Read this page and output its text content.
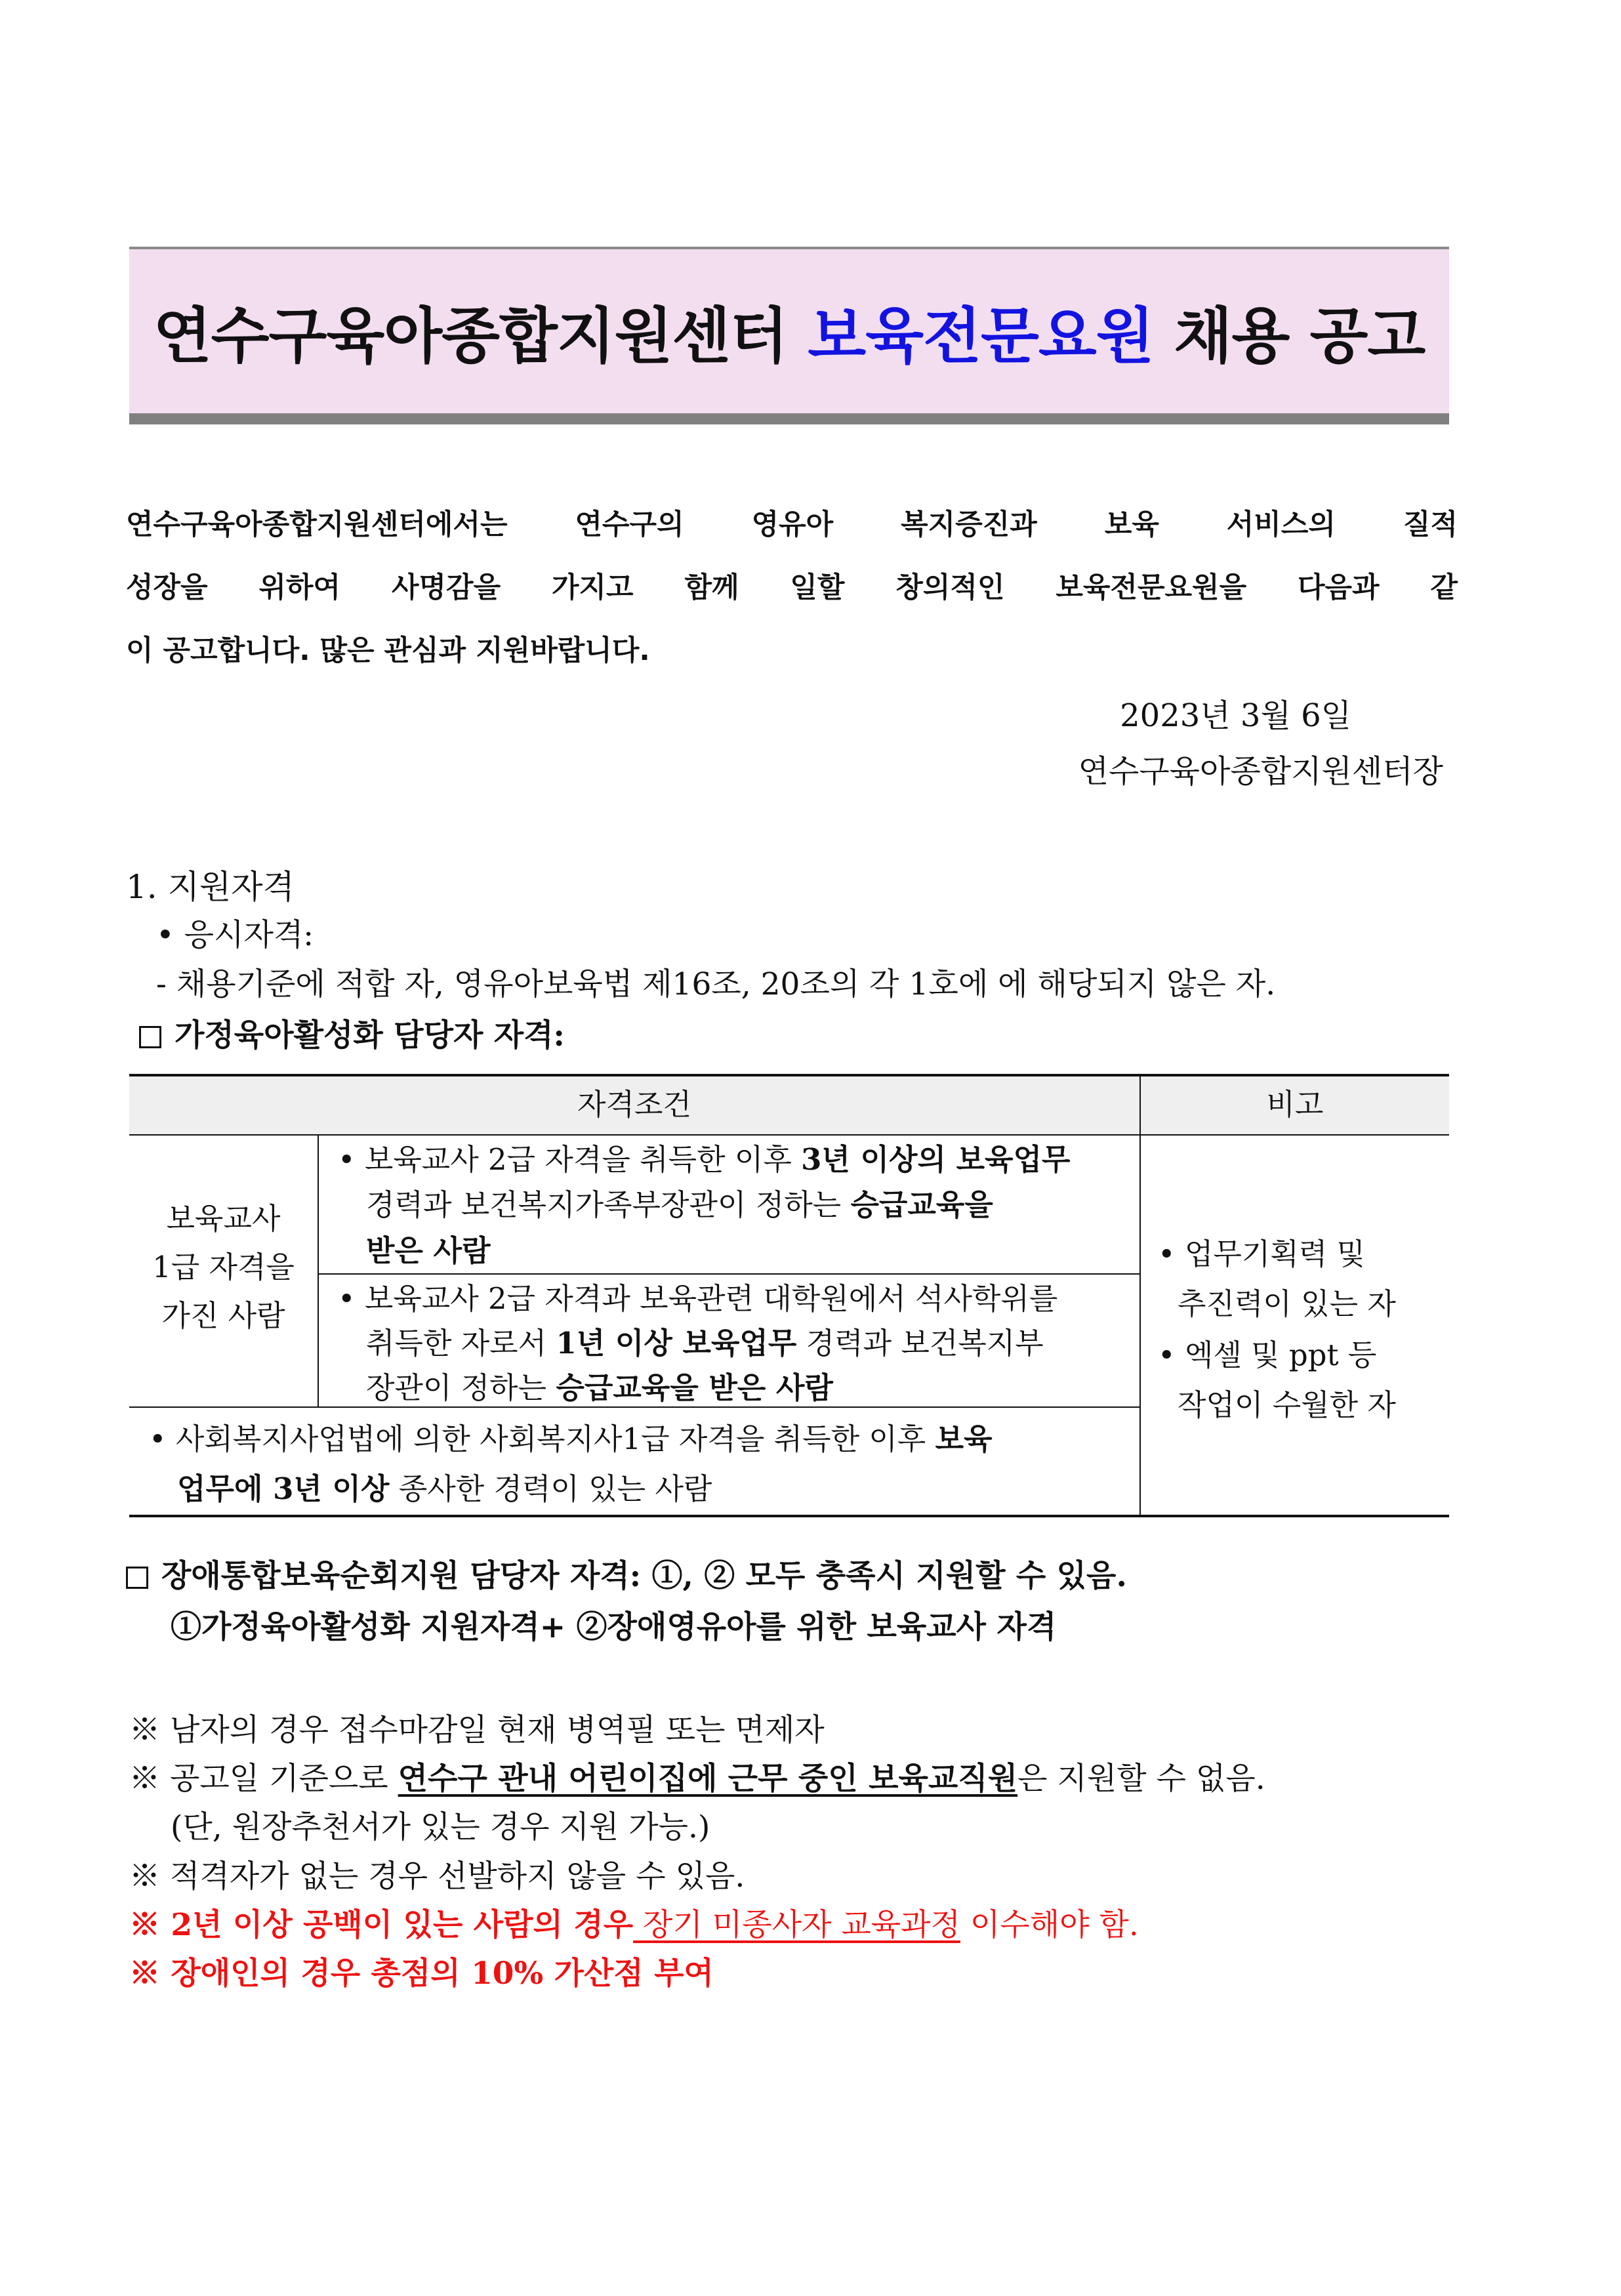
연수구육아종합지원센터
보육전문요원
채용 공고
연수구육아종합지원센터에서는 연수구의 영유아 복지증진과 보육 서비스의 질적
성장을 위하여 사명감을 가지고 함께 일할 창의적인 보육전문요원을 다음과 같
이 공고합니다. 많은 관심과 지원바랍니다.
2023년 3월 6일
연수구육아종합지원센터장
1. 지원자격
• 응시자격:
- 채용기준에 적합 자, 영유아보육법 제16조, 20조의 각 1호에 에 해당되지 않은 자.
가정육아활성화 담당자 자격:
자격조건	비고
보육교사
1급 자격을
가진 사람
• 보육교사 2급 자격을 취득한 이후 3년 이상의 보육업무
경력과 보건복지가족부장관이 정하는 승급교육을
받은 사람
• 보육교사 2급 자격과 보육관련 대학원에서 석사학위를
취득한 자로서 1년 이상 보육업무 경력과 보건복지부
장관이 정하는 승급교육을 받은 사람
• 사회복지사업법에 의한 사회복지사1급 자격을 취득한 이후 보육
업무에 3년 이상 종사한 경력이 있는 사람
• 업무기획력 및
추진력이 있는 자
• 엑셀 및 ppt 등
작업이 수월한 자
장애통합보육순회지원 담당자 자격: ①, ② 모두 충족시 지원할 수 있음.
①가정육아활성화 지원자격+ ②장애영유아를 위한 보육교사 자격
※ 남자의 경우 접수마감일 현재 병역필 또는 면제자
※ 공고일 기준으로 연수구 관내 어린이집에 근무 중인 보육교직원은 지원할 수 없음.
(단, 원장추천서가 있는 경우 지원 가능.)
※ 적격자가 없는 경우 선발하지 않을 수 있음.
※ 2년 이상 공백이 있는 사람의 경우 장기 미종사자 교육과정 이수해야 함.
※ 장애인의 경우 총점의 10% 가산점 부여
